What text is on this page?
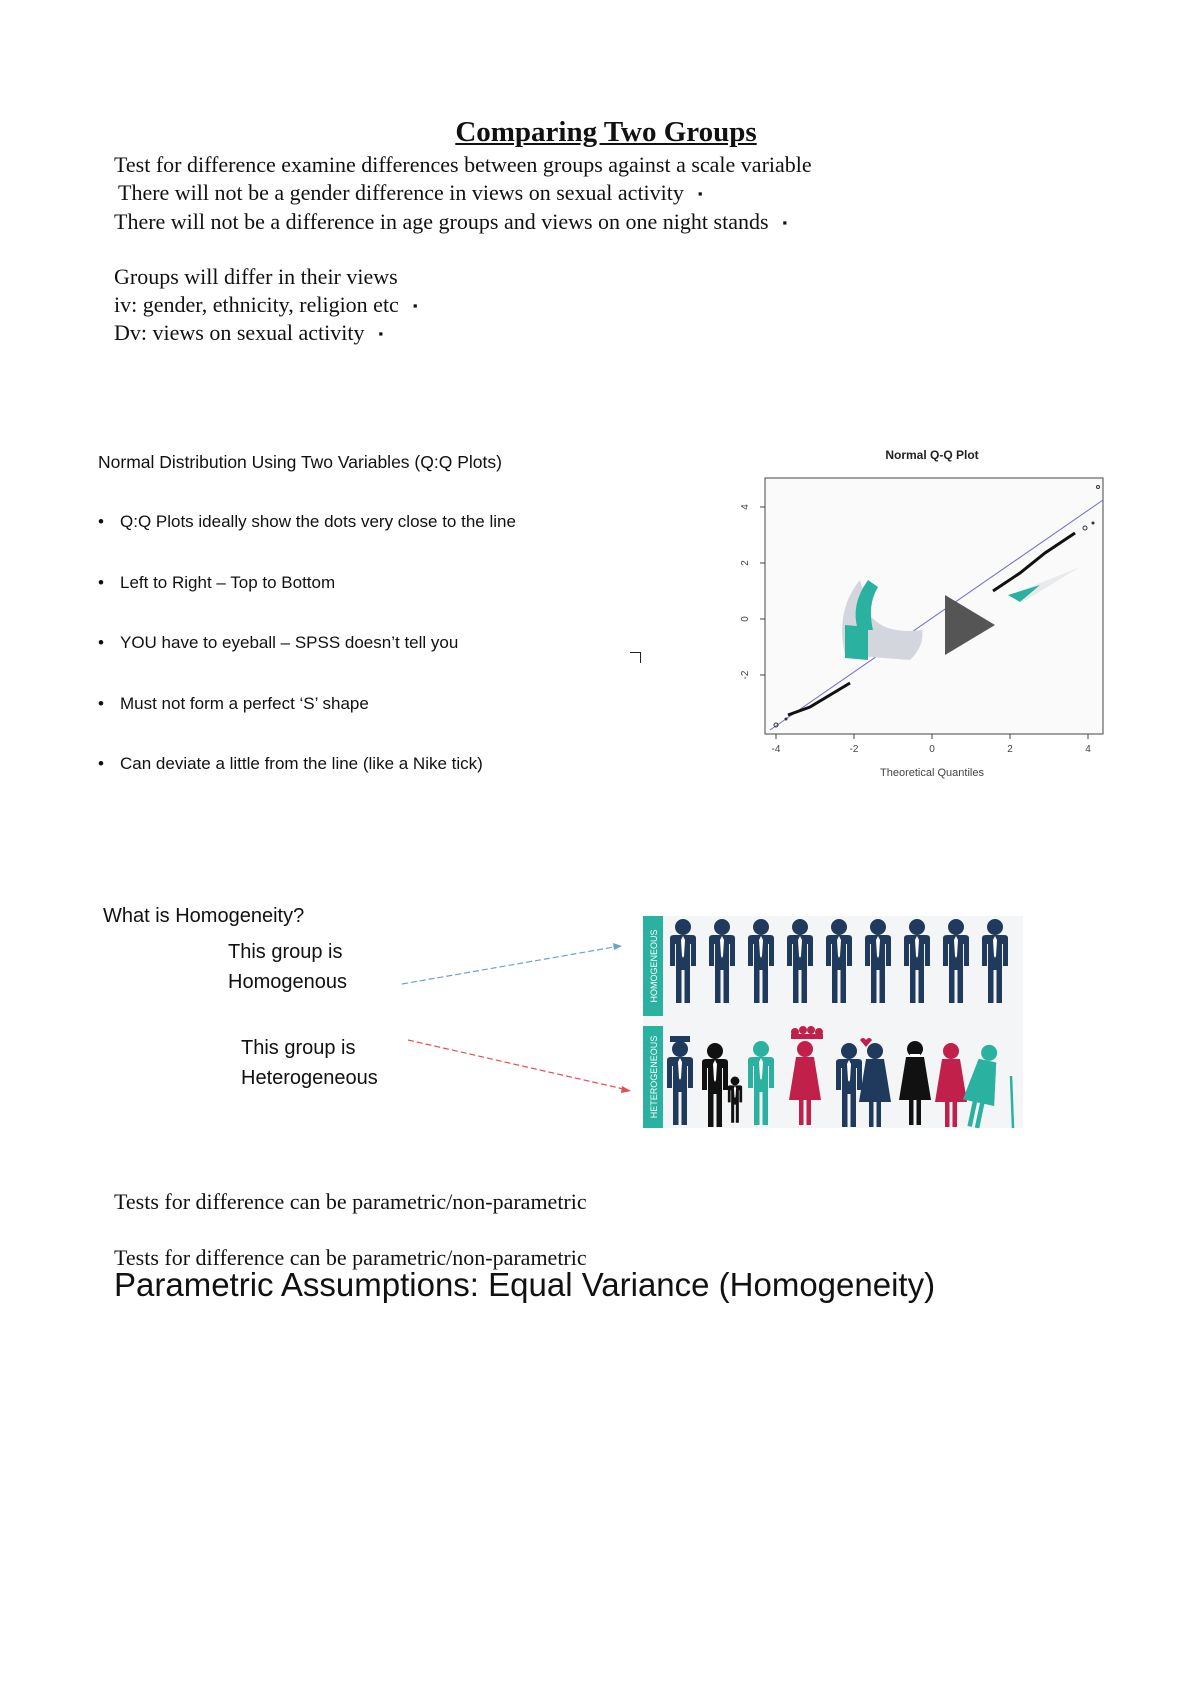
Comparing Two Groups
Test for difference examine differences between groups against a scale variable
There will not be a gender difference in views on sexual activity ▪
There will not be a difference in age groups and views on one night stands ▪
Groups will differ in their views
iv: gender, ethnicity, religion etc ▪
Dv: views on sexual activity ▪
Normal Distribution Using Two Variables (Q:Q Plots)
• Q:Q Plots ideally show the dots very close to the line
• Left to Right – Top to Bottom
• YOU have to eyeball – SPSS doesn’t tell you
• Must not form a perfect ‘S’ shape
• Can deviate a little from the line (like a Nike tick)
Normal Q-Q Plot
4
2
0
-2
-4	-2	0	2	4
Theoretical Quantiles
What is Homogeneity?
This group is
Homogenous
This group is
Heterogeneous
HOMOGENEOUS
HETEROGENEOUS
Tests for difference can be parametric/non-parametric
Tests for difference can be parametric/non-parametric
Parametric Assumptions: Equal Variance (Homogeneity)
